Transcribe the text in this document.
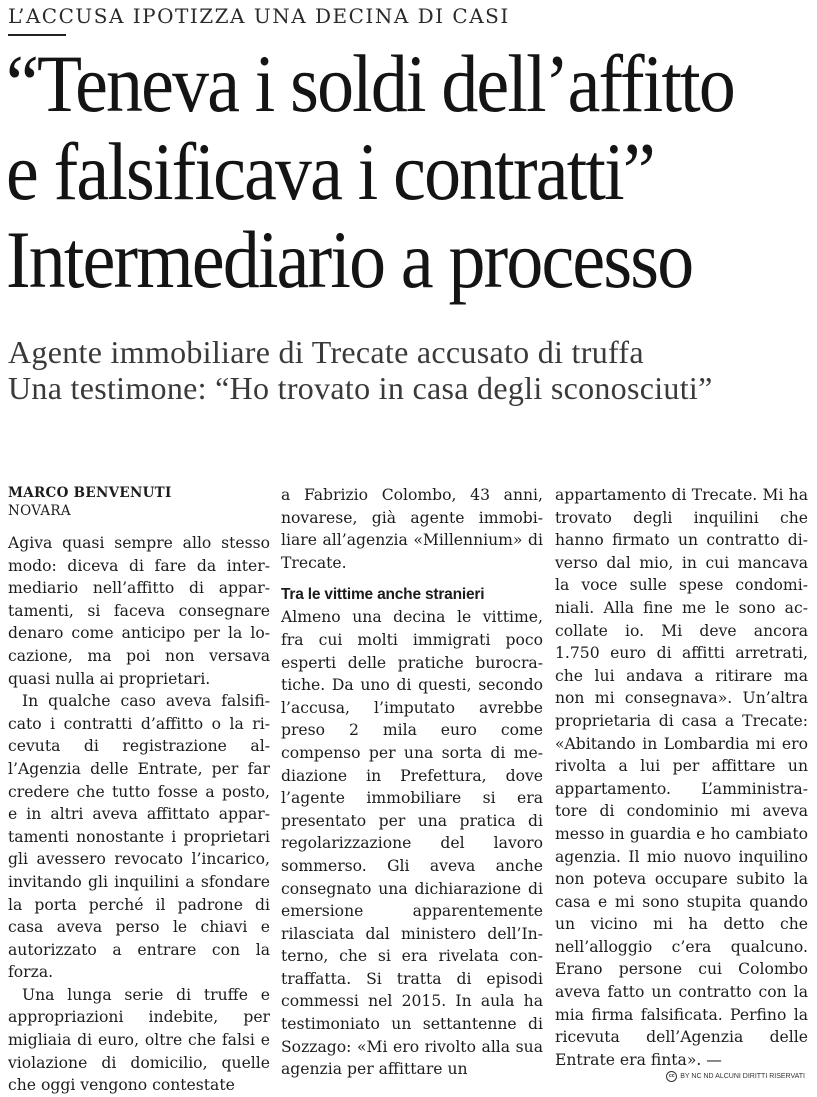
L’ACCUSA IPOTIZZA UNA DECINA DI CASI
“Teneva i soldi dell’affitto
e falsificava i contratti”
Intermediario a processo
Agente immobiliare di Trecate accusato di truffa
Una testimone: “Ho trovato in casa degli sconosciuti”
MARCO BENVENUTI
NOVARA

Agiva quasi sempre allo stesso modo: diceva di fare da intermediario nell’affitto di appartamenti, si faceva consegnare denaro come anticipo per la locazione, ma poi non versava quasi nulla ai proprietari.

In qualche caso aveva falsificato i contratti d’affitto o la ricevuta di registrazione all’Agenzia delle Entrate, per far credere che tutto fosse a posto, e in altri aveva affittato appartamenti nonostante i proprietari gli avessero revocato l’incarico, invitando gli inquilini a sfondare la porta perché il padrone di casa aveva perso le chiavi e autorizzato a entrare con la forza.

Una lunga serie di truffe e appropriazioni indebite, per migliaia di euro, oltre che falsi e violazione di domicilio, quelle che oggi vengono contestate

a Fabrizio Colombo, 43 anni, novarese, già agente immobiliare all’agenzia «Millennium» di Trecate.

Tra le vittime anche stranieri

Almeno una decina le vittime, fra cui molti immigrati poco esperti delle pratiche burocratiche. Da uno di questi, secondo l’accusa, l’imputato avrebbe preso 2 mila euro come compenso per una sorta di mediazione in Prefettura, dove l’agente immobiliare si era presentato per una pratica di regolarizzazione del lavoro sommerso. Gli aveva anche consegnato una dichiarazione di emersione apparentemente rilasciata dal ministero dell’Interno, che si era rivelata contraffatta. Si tratta di episodi commessi nel 2015. In aula ha testimoniato un settantenne di Sozzago: «Mi ero rivolto alla sua agenzia per affittare un

appartamento di Trecate. Mi ha trovato degli inquilini che hanno firmato un contratto diverso dal mio, in cui mancava la voce sulle spese condominiali. Alla fine me le sono accollate io. Mi deve ancora 1.750 euro di affitti arretrati, che lui andava a ritirare ma non mi consegnava». Un’altra proprietaria di casa a Trecate: «Abitando in Lombardia mi ero rivolta a lui per affittare un appartamento. L’amministratore di condominio mi aveva messo in guardia e ho cambiato agenzia. Il mio nuovo inquilino non poteva occupare subito la casa e mi sono stupita quando un vicino mi ha detto che nell’alloggio c’era qualcuno. Erano persone cui Colombo aveva fatto un contratto con la mia firma falsificata. Perfino la ricevuta dell’Agenzia delle Entrate era finta». —

cc BY NC ND ALCUNI DIRITTI RISERVATI
